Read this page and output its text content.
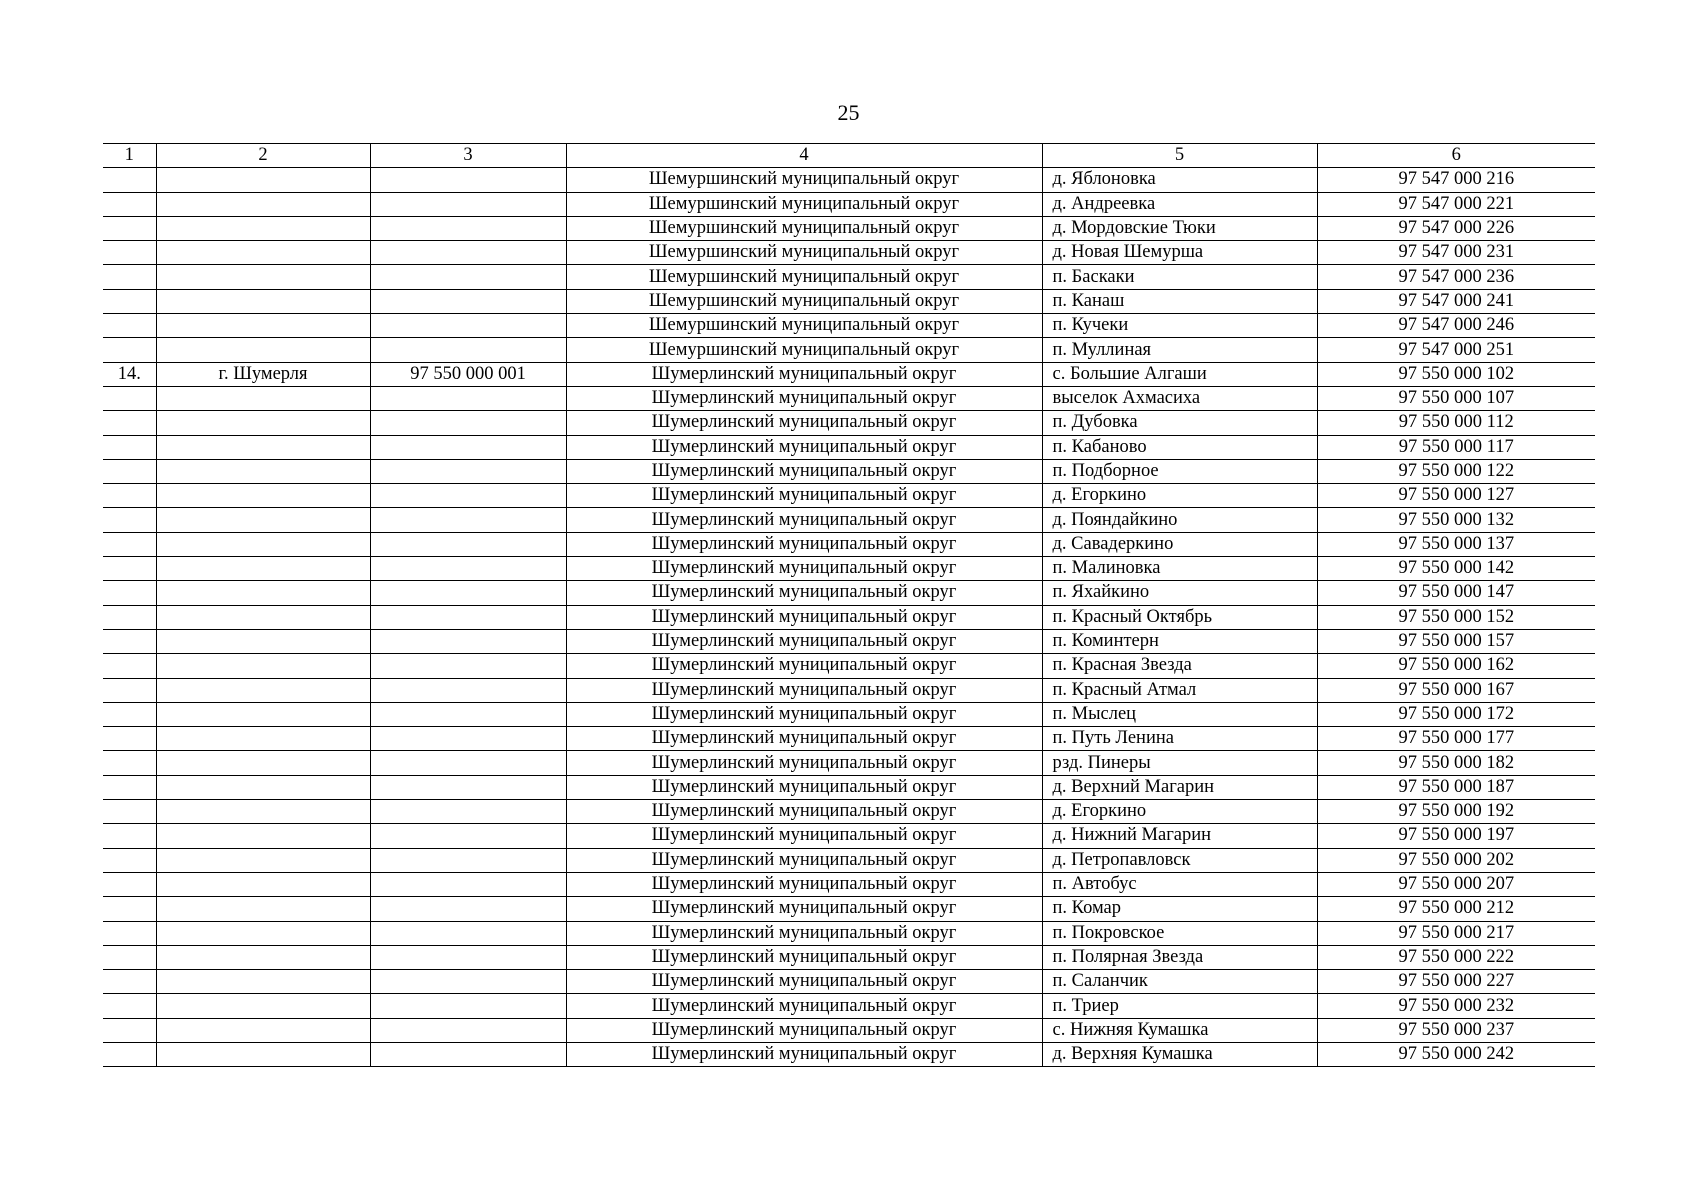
25
1	2	3	4	5	6
			Шемуршинский муниципальный округ	д. Яблоновка	97 547 000 216
			Шемуршинский муниципальный округ	д. Андреевка	97 547 000 221
			Шемуршинский муниципальный округ	д. Мордовские Тюки	97 547 000 226
			Шемуршинский муниципальный округ	д. Новая Шемурша	97 547 000 231
			Шемуршинский муниципальный округ	п. Баскаки	97 547 000 236
			Шемуршинский муниципальный округ	п. Канаш	97 547 000 241
			Шемуршинский муниципальный округ	п. Кучеки	97 547 000 246
			Шемуршинский муниципальный округ	п. Муллиная	97 547 000 251
14.	г. Шумерля	97 550 000 001	Шумерлинский муниципальный округ	с. Большие Алгаши	97 550 000 102
			Шумерлинский муниципальный округ	выселок Ахмасиха	97 550 000 107
			Шумерлинский муниципальный округ	п. Дубовка	97 550 000 112
			Шумерлинский муниципальный округ	п. Кабаново	97 550 000 117
			Шумерлинский муниципальный округ	п. Подборное	97 550 000 122
			Шумерлинский муниципальный округ	д. Егоркино	97 550 000 127
			Шумерлинский муниципальный округ	д. Пояндайкино	97 550 000 132
			Шумерлинский муниципальный округ	д. Савадеркино	97 550 000 137
			Шумерлинский муниципальный округ	п. Малиновка	97 550 000 142
			Шумерлинский муниципальный округ	п. Яхайкино	97 550 000 147
			Шумерлинский муниципальный округ	п. Красный Октябрь	97 550 000 152
			Шумерлинский муниципальный округ	п. Коминтерн	97 550 000 157
			Шумерлинский муниципальный округ	п. Красная Звезда	97 550 000 162
			Шумерлинский муниципальный округ	п. Красный Атмал	97 550 000 167
			Шумерлинский муниципальный округ	п. Мыслец	97 550 000 172
			Шумерлинский муниципальный округ	п. Путь Ленина	97 550 000 177
			Шумерлинский муниципальный округ	рзд. Пинеры	97 550 000 182
			Шумерлинский муниципальный округ	д. Верхний Магарин	97 550 000 187
			Шумерлинский муниципальный округ	д. Егоркино	97 550 000 192
			Шумерлинский муниципальный округ	д. Нижний Магарин	97 550 000 197
			Шумерлинский муниципальный округ	д. Петропавловск	97 550 000 202
			Шумерлинский муниципальный округ	п. Автобус	97 550 000 207
			Шумерлинский муниципальный округ	п. Комар	97 550 000 212
			Шумерлинский муниципальный округ	п. Покровское	97 550 000 217
			Шумерлинский муниципальный округ	п. Полярная Звезда	97 550 000 222
			Шумерлинский муниципальный округ	п. Саланчик	97 550 000 227
			Шумерлинский муниципальный округ	п. Триер	97 550 000 232
			Шумерлинский муниципальный округ	с. Нижняя Кумашка	97 550 000 237
			Шумерлинский муниципальный округ	д. Верхняя Кумашка	97 550 000 242
